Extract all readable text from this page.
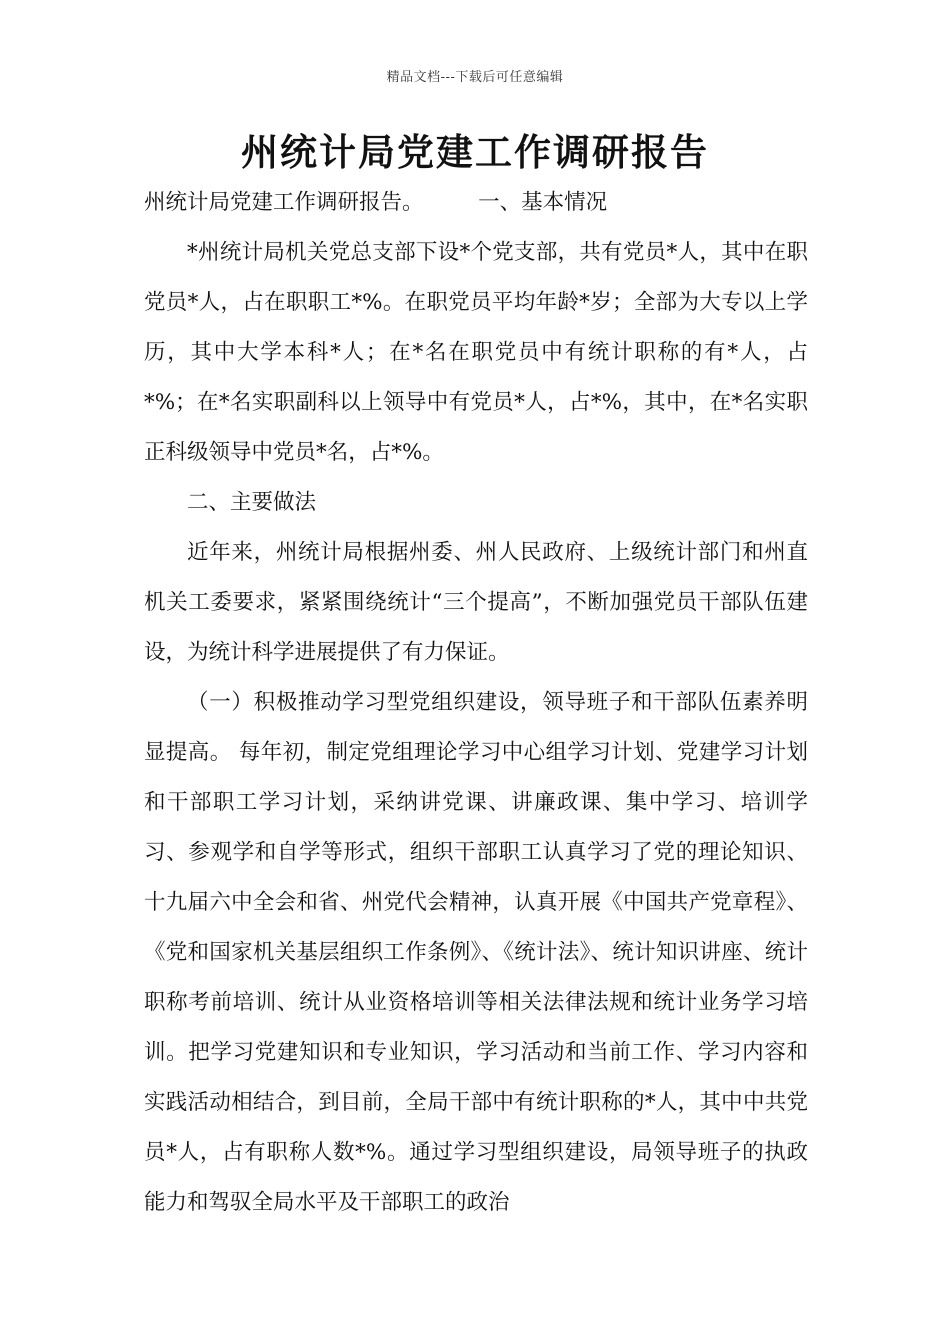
精品文档---下载后可任意编辑
州统计局党建工作调研报告

州统计局党建工作调研报告。        一、基本情况

*州统计局机关党总支部下设*个党支部，共有党员*人，其中在职党员*人，占在职职工*%。在职党员平均年龄*岁；全部为大专以上学历，其中大学本科*人；在*名在职党员中有统计职称的有*人，占*%；在*名实职副科以上领导中有党员*人，占*%，其中，在*名实职正科级领导中党员*名，占*%。

二、主要做法

近年来，州统计局根据州委、州人民政府、上级统计部门和州直机关工委要求，紧紧围绕统计“三个提高”，不断加强党员干部队伍建设，为统计科学进展提供了有力保证。

（一）积极推动学习型党组织建设，领导班子和干部队伍素养明显提高。 每年初，制定党组理论学习中心组学习计划、党建学习计划和干部职工学习计划，采纳讲党课、讲廉政课、集中学习、培训学习、参观学和自学等形式，组织干部职工认真学习了党的理论知识、十九届六中全会和省、州党代会精神，认真开展《中国共产党章程》、《党和国家机关基层组织工作条例》、《统计法》、统计知识讲座、统计职称考前培训、统计从业资格培训等相关法律法规和统计业务学习培训。把学习党建知识和专业知识，学习活动和当前工作、学习内容和实践活动相结合，到目前，全局干部中有统计职称的*人，其中中共党员*人，占有职称人数*%。通过学习型组织建设，局领导班子的执政能力和驾驭全局水平及干部职工的政治
